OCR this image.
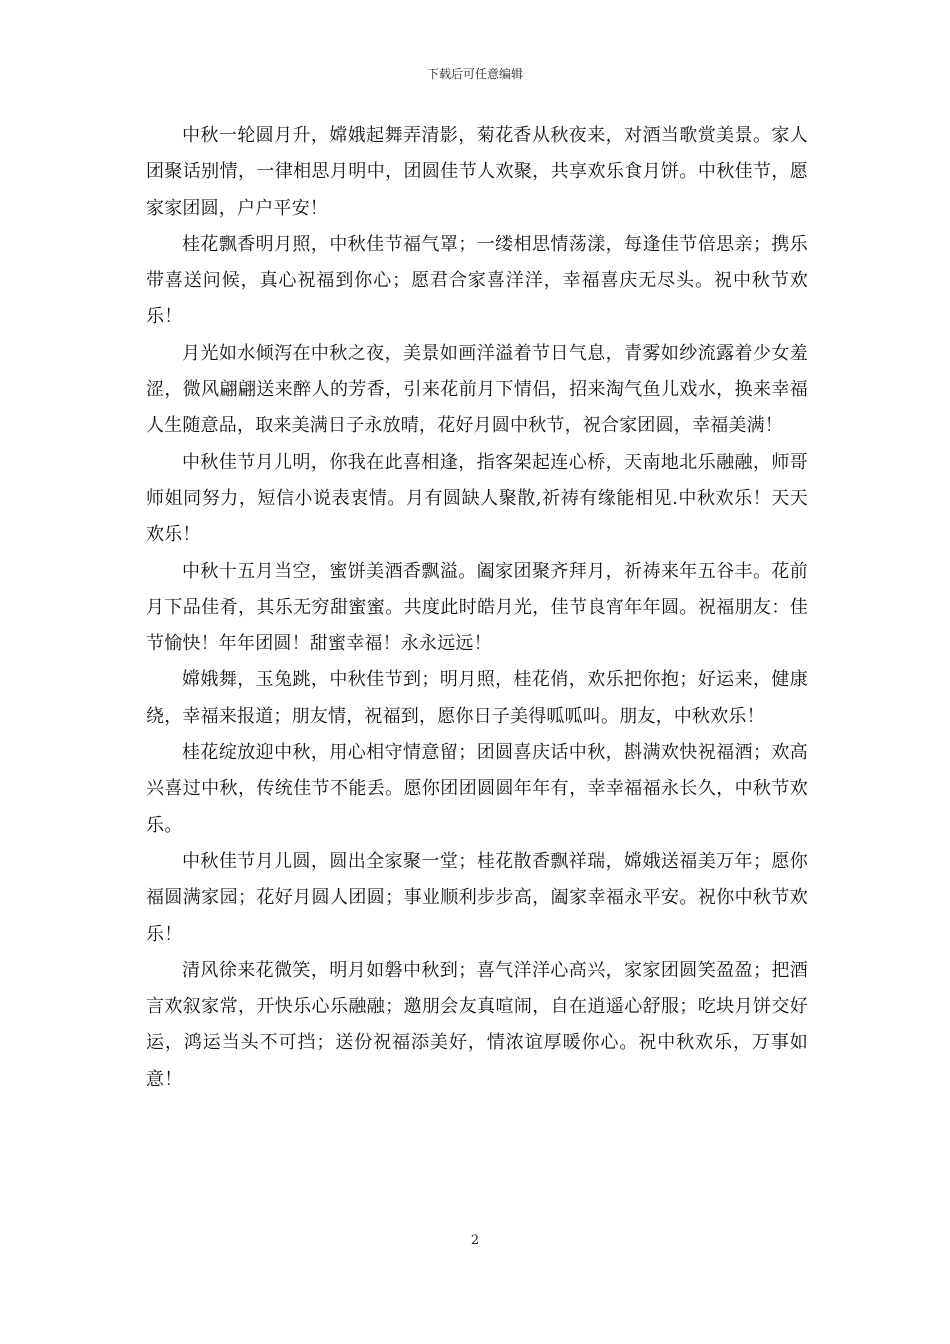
下载后可任意编辑

中秋一轮圆月升，嫦娥起舞弄清影，菊花香从秋夜来，对酒当歌赏美景。家人团聚话别情，一律相思月明中，团圆佳节人欢聚，共享欢乐食月饼。中秋佳节，愿家家团圆，户户平安！

桂花飘香明月照，中秋佳节福气罩；一缕相思情荡漾，每逢佳节倍思亲；携乐带喜送问候，真心祝福到你心；愿君合家喜洋洋，幸福喜庆无尽头。祝中秋节欢乐！

月光如水倾泻在中秋之夜，美景如画洋溢着节日气息，青雾如纱流露着少女羞涩，微风翩翩送来醉人的芳香，引来花前月下情侣，招来淘气鱼儿戏水，换来幸福人生随意品，取来美满日子永放晴，花好月圆中秋节，祝合家团圆，幸福美满！

中秋佳节月儿明，你我在此喜相逢，指客架起连心桥，天南地北乐融融，师哥师姐同努力，短信小说表衷情。月有圆缺人聚散,祈祷有缘能相见.中秋欢乐！天天欢乐！

中秋十五月当空，蜜饼美酒香飘溢。阖家团聚齐拜月，祈祷来年五谷丰。花前月下品佳肴，其乐无穷甜蜜蜜。共度此时皓月光，佳节良宵年年圆。祝福朋友：佳节愉快！年年团圆！甜蜜幸福！永永远远！

嫦娥舞，玉兔跳，中秋佳节到；明月照，桂花俏，欢乐把你抱；好运来，健康绕，幸福来报道；朋友情，祝福到，愿你日子美得呱呱叫。朋友，中秋欢乐！

桂花绽放迎中秋，用心相守情意留；团圆喜庆话中秋，斟满欢快祝福酒；欢高兴喜过中秋，传统佳节不能丢。愿你团团圆圆年年有，幸幸福福永长久，中秋节欢乐。

中秋佳节月儿圆，圆出全家聚一堂；桂花散香飘祥瑞，嫦娥送福美万年；愿你福圆满家园；花好月圆人团圆；事业顺利步步高，阖家幸福永平安。祝你中秋节欢乐！

清风徐来花微笑，明月如磐中秋到；喜气洋洋心高兴，家家团圆笑盈盈；把酒言欢叙家常，开快乐心乐融融；邀朋会友真喧闹，自在逍遥心舒服；吃块月饼交好运，鸿运当头不可挡；送份祝福添美好，情浓谊厚暖你心。祝中秋欢乐，万事如意！

2
